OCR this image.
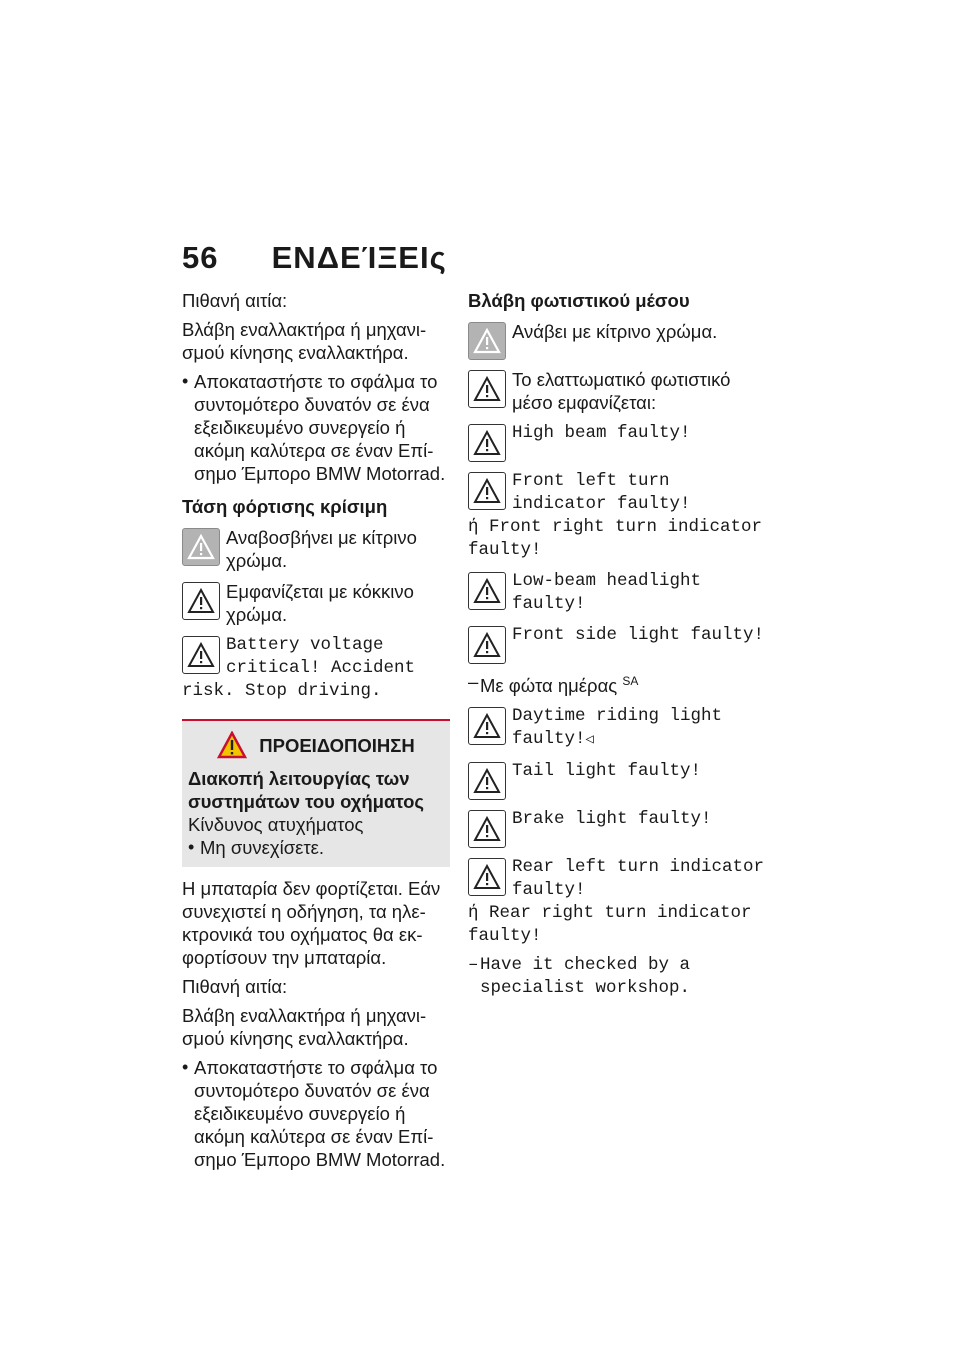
56 ΕΝΔΕΊΞΕΙς

Πιθανή αιτία:

Βλάβη εναλλακτήρα ή μηχανισμού κίνησης εναλλακτήρα.

• Αποκαταστήστε το σφάλμα το συντομότερο δυνατόν σε ένα εξειδικευμένο συνεργείο ή ακόμη καλύτερα σε έναν Επίσημο Έμπορο BMW Motorrad.
Τάση φόρτισης κρίσιμη
Αναβοσβήνει με κίτρινο χρώμα.
Εμφανίζεται με κόκκινο χρώμα.
Battery voltage
critical! Accident
risk. Stop driving.
ΠΡΟΕΙΔΟΠΟΙΗΣΗ
Διακοπή λειτουργίας των συστημάτων του οχήματος
Κίνδυνος ατυχήματος
• Μη συνεχίσετε.

Η μπαταρία δεν φορτίζεται. Εάν συνεχιστεί η οδήγηση, τα ηλεκτρονικά του οχήματος θα εκφορτίσουν την μπαταρία.

Πιθανή αιτία:

Βλάβη εναλλακτήρα ή μηχανισμού κίνησης εναλλακτήρα.

• Αποκαταστήστε το σφάλμα το συντομότερο δυνατόν σε ένα εξειδικευμένο συνεργείο ή ακόμη καλύτερα σε έναν Επίσημο Έμπορο BMW Motorrad.
Βλάβη φωτιστικού μέσου
Ανάβει με κίτρινο χρώμα.
Το ελαττωματικό φωτιστικό μέσο εμφανίζεται:
High beam faulty!
Front left turn indicator faulty!
ή Front right turn indicator faulty!
Low-beam headlight faulty!
Front side light faulty!
– Με φώτα ημέρας $^{SA}$
Daytime riding light faulty!◁
Tail light faulty!
Brake light faulty!
Rear left turn indicator faulty!
ή Rear right turn indicator faulty!
– Have it checked by a specialist workshop.
